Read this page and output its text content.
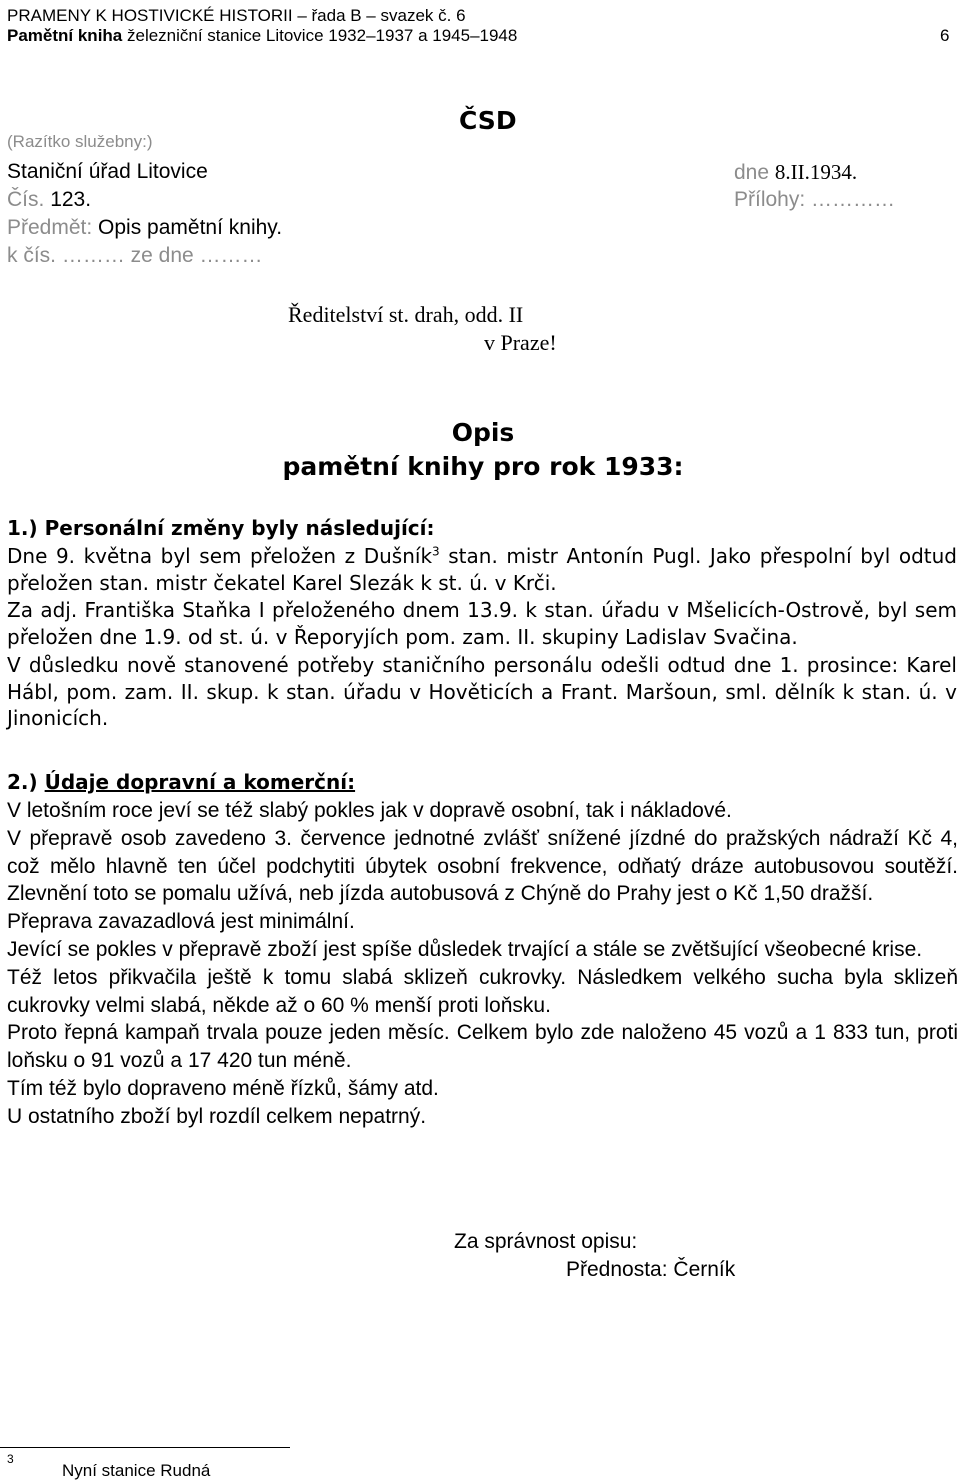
PRAMENY K HOSTIVICKÉ HISTORII – řada B – svazek č. 6
Pamětní kniha železniční stanice Litovice 1932–1937 a 1945–1948	6
ČSD
(Razítko služebny:)
Staniční úřad Litovice
Čís. 123.
Předmět: Opis pamětní knihy.
k čís. ……… ze dne ………
dne 8.II.1934.
Přílohy: …………
Ředitelství st. drah, odd. II
v Praze!
Opis
pamětní knihy pro rok 1933:
1.) Personální změny byly následující:
Dne 9. května byl sem přeložen z Dušník$^3$ stan. mistr Antonín Pugl. Jako přespolní byl odtud přeložen stan. mistr čekatel Karel Slezák k st. ú. v Krči.
Za adj. Františka Staňka I přeloženého dnem 13.9. k stan. úřadu v Mšelicích-Ostrově, byl sem přeložen dne 1.9. od st. ú. v Řeporyjích pom. zam. II. skupiny Ladislav Svačina.
V důsledku nově stanovené potřeby staničního personálu odešli odtud dne 1. prosince: Karel Hábl, pom. zam. II. skup. k stan. úřadu v Hověticích a Frant. Maršoun, sml. dělník k stan. ú. v Jinonicích.
2.) Údaje dopravní a komerční:
V letošním roce jeví se též slabý pokles jak v dopravě osobní, tak i nákladové.
V přepravě osob zavedeno 3. července jednotné zvlášť snížené jízdné do pražských nádraží Kč 4, což mělo hlavně ten účel podchytiti úbytek osobní frekvence, odňatý dráze autobusovou soutěží. Zlevnění toto se pomalu užívá, neb jízda autobusová z Chýně do Prahy jest o Kč 1,50 dražší.
Přeprava zavazadlová jest minimální.
Jevící se pokles v přepravě zboží jest spíše důsledek trvající a stále se zvětšující všeobecné krise.
Též letos přikvačila ještě k tomu slabá sklizeň cukrovky. Následkem velkého sucha byla sklizeň cukrovky velmi slabá, někde až o 60 % menší proti loňsku.
Proto řepná kampaň trvala pouze jeden měsíc. Celkem bylo zde naloženo 45 vozů a 1 833 tun, proti loňsku o 91 vozů a 17 420 tun méně.
Tím též bylo dopraveno méně řízků, šámy atd.
U ostatního zboží byl rozdíl celkem nepatrný.
Za správnost opisu:
Přednosta: Černík
3
Nyní stanice Rudná
